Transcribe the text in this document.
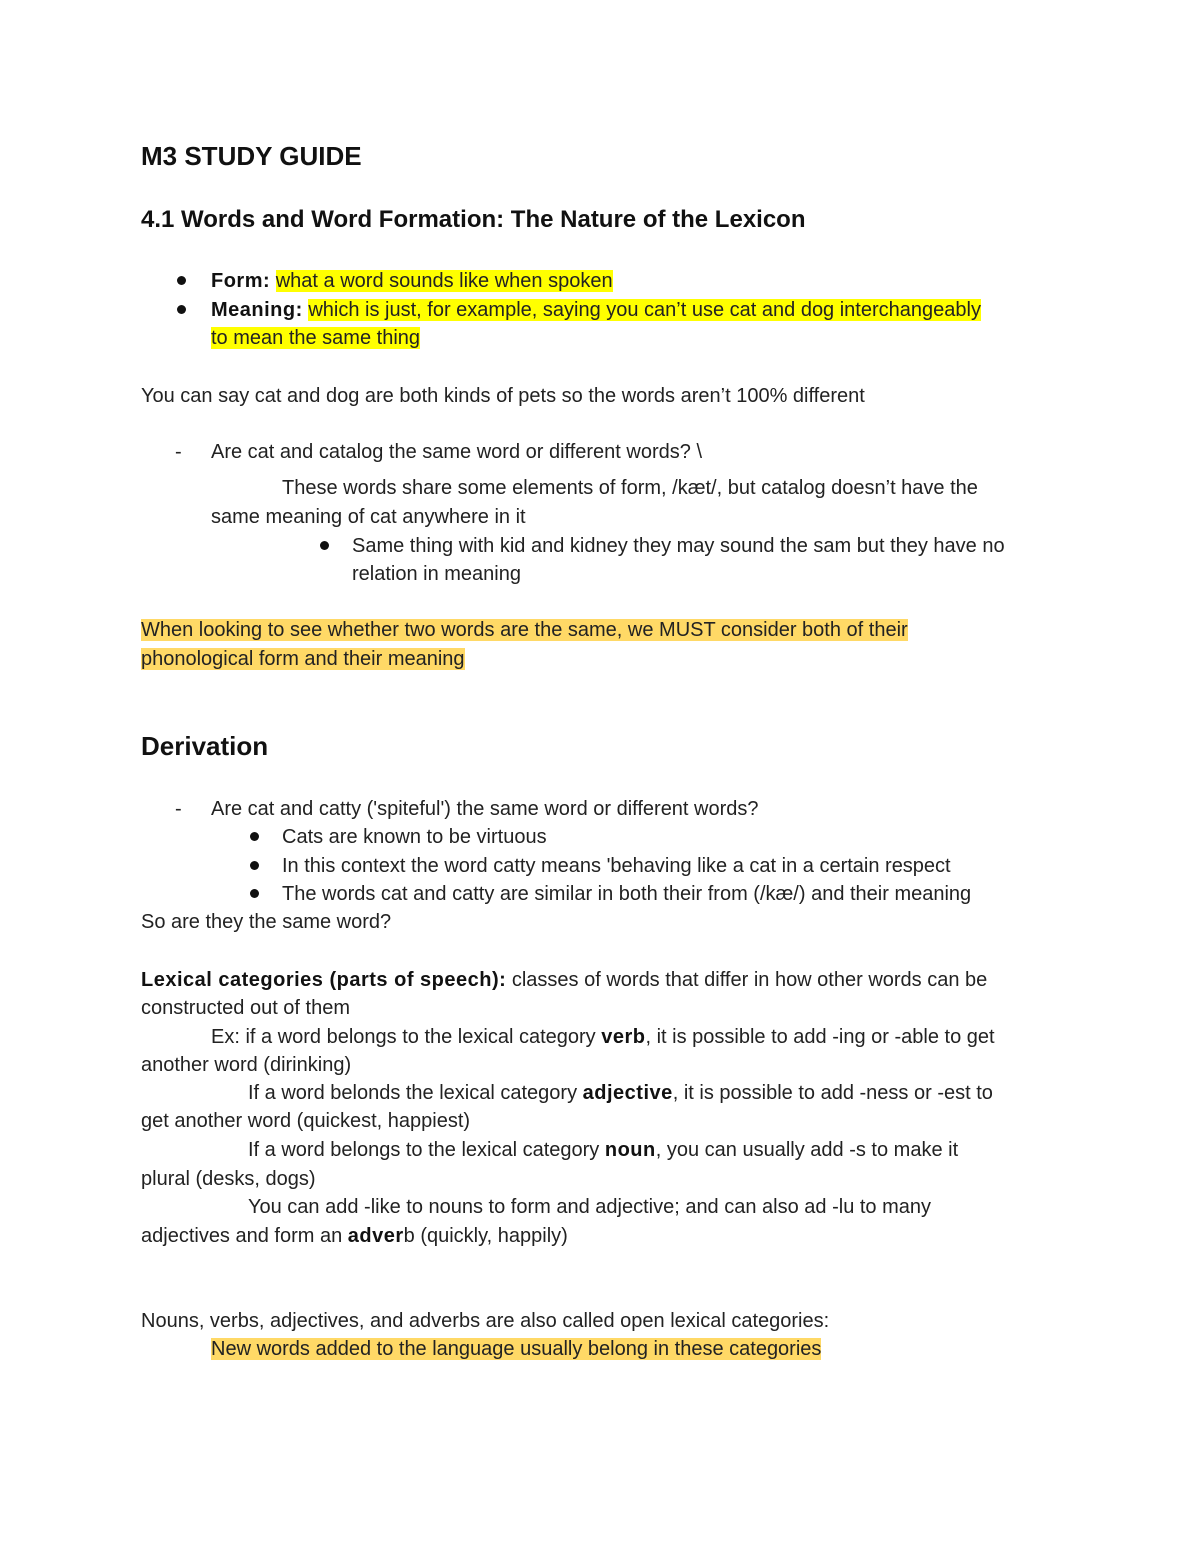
M3 STUDY GUIDE
4.1 Words and Word Formation: The Nature of the Lexicon
Form: what a word sounds like when spoken
Meaning: which is just, for example, saying you can’t use cat and dog interchangeably
to mean the same thing
You can say cat and dog are both kinds of pets so the words aren’t 100% different
- Are cat and catalog the same word or different words? \
These words share some elements of form, /kæt/, but catalog doesn’t have the
same meaning of cat anywhere in it
Same thing with kid and kidney they may sound the sam but they have no
relation in meaning
When looking to see whether two words are the same, we MUST consider both of their
phonological form and their meaning
Derivation
- Are cat and catty ('spiteful') the same word or different words?
Cats are known to be virtuous
In this context the word catty means 'behaving like a cat in a certain respect
The words cat and catty are similar in both their from (/kæ/) and their meaning
So are they the same word?
Lexical categories (parts of speech): classes of words that differ in how other words can be
constructed out of them
Ex: if a word belongs to the lexical category verb, it is possible to add -ing or -able to get
another word (dirinking)
If a word belonds the lexical category adjective, it is possible to add -ness or -est to
get another word (quickest, happiest)
If a word belongs to the lexical category noun, you can usually add -s to make it
plural (desks, dogs)
You can add -like to nouns to form and adjective; and can also ad -lu to many
adjectives and form an adverb (quickly, happily)
Nouns, verbs, adjectives, and adverbs are also called open lexical categories:
New words added to the language usually belong in these categories
